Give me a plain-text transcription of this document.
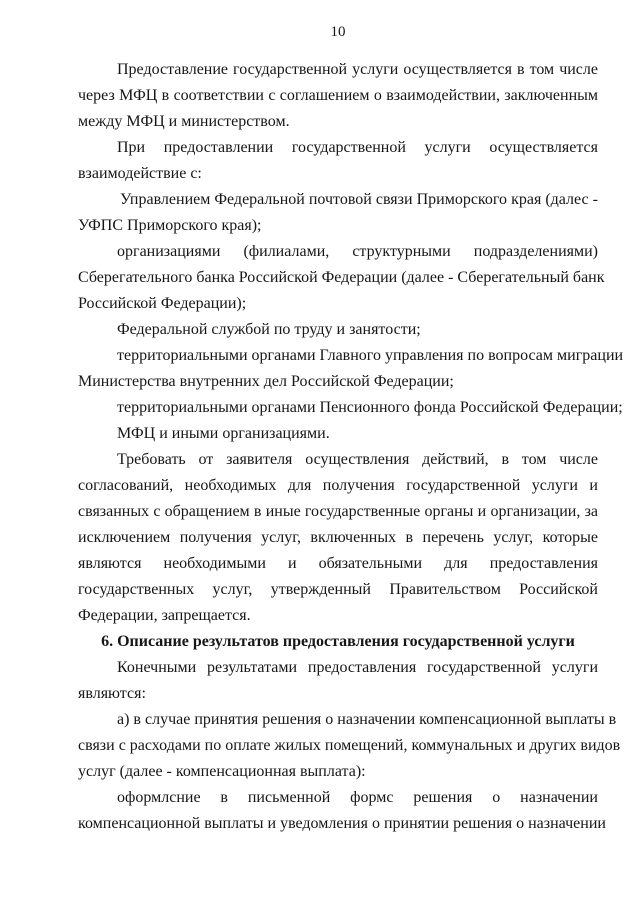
10
Предоставление государственной услуги осуществляется в том числе
через МФЦ в соответствии с соглашением о взаимодействии, заключенным
между МФЦ и министерством.
При предоставлении государственной услуги осуществляется
взаимодействие с:
Управлением Федеральной почтовой связи Приморского края (далес -
УФПС Приморского края);
организациями (филиалами, структурными подразделениями)
Сберегательного банка Российской Федерации (далее - Сберегательный банк
Российской Федерации);
Федеральной службой по труду и занятости;
территориальными органами Главного управления по вопросам миграции
Министерства внутренних дел Российской Федерации;
территориальными органами Пенсионного фонда Российской Федерации;
МФЦ и иными организациями.
Требовать от заявителя осуществления действий, в том числе
согласований, необходимых для получения государственной услуги и
связанных с обращением в иные государственные органы и организации, за
исключением получения услуг, включенных в перечень услуг, которые
являются необходимыми и обязательными для предоставления
государственных услуг, утвержденный Правительством Российской
Федерации, запрещается.
6. Описание результатов предоставления государственной услуги
Конечными результатами предоставления государственной услуги
являются:
а) в случае принятия решения о назначении компенсационной выплаты в
связи с расходами по оплате жилых помещений, коммунальных и других видов
услуг (далее - компенсационная выплата):
оформлсние в письменной формс решения о назначении
компенсационной выплаты и уведомления о принятии решения о назначении
